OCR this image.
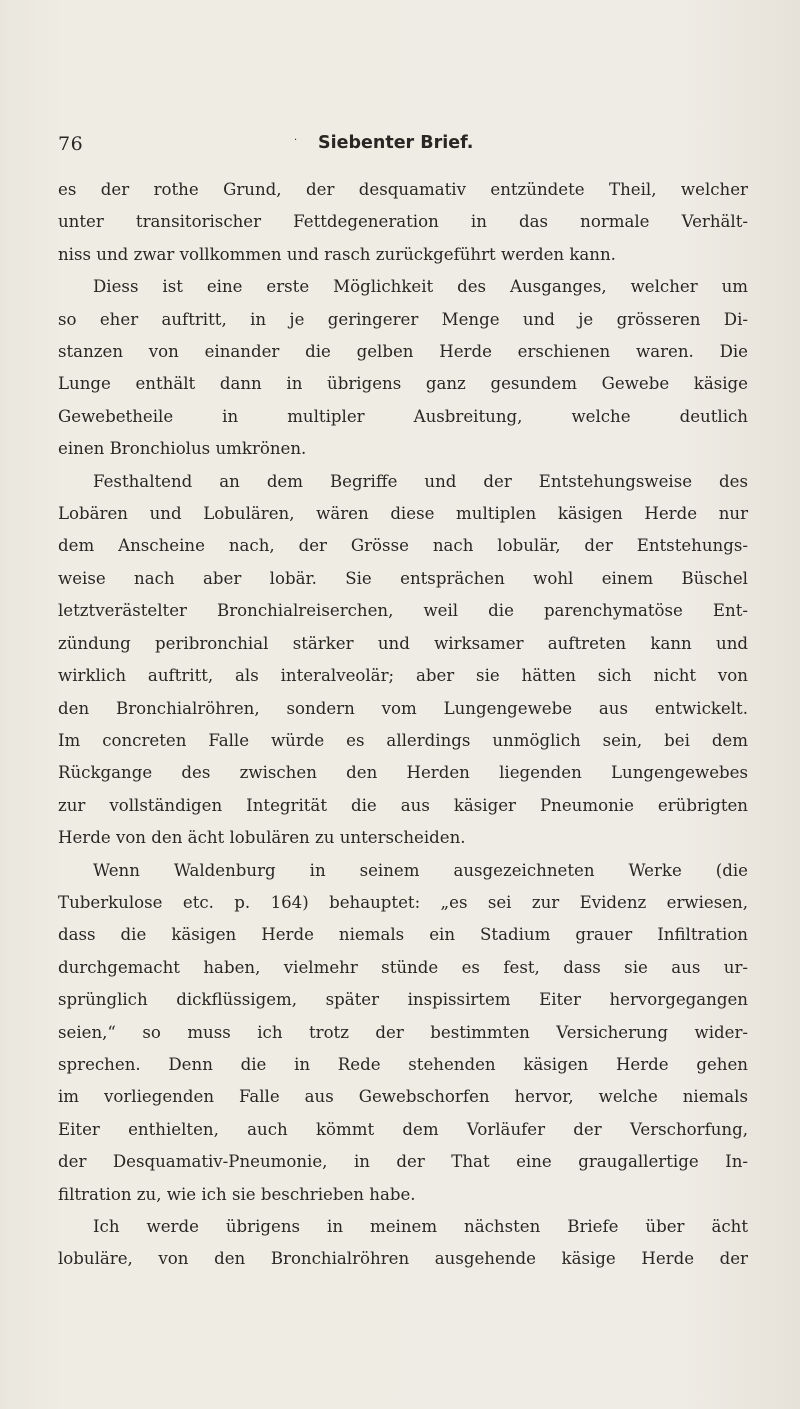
76	· Siebenter Brief.
es der rothe Grund, der desquamativ entzündete Theil, welcher
unter transitorischer Fettdegeneration in das normale Verhält-
niss und zwar vollkommen und rasch zurückgeführt werden kann.
Diess ist eine erste Möglichkeit des Ausganges, welcher um
so eher auftritt, in je geringerer Menge und je grösseren Di-
stanzen von einander die gelben Herde erschienen waren. Die
Lunge enthält dann in übrigens ganz gesundem Gewebe käsige
Gewebetheile in multipler Ausbreitung, welche deutlich
einen Bronchiolus umkrönen.
Festhaltend an dem Begriffe und der Entstehungsweise des
Lobären und Lobulären, wären diese multiplen käsigen Herde nur
dem Anscheine nach, der Grösse nach lobulär, der Entstehungs-
weise nach aber lobär. Sie entsprächen wohl einem Büschel
letztverästelter Bronchialreiserchen, weil die parenchymatöse Ent-
zündung peribronchial stärker und wirksamer auftreten kann und
wirklich auftritt, als interalveolär; aber sie hätten sich nicht von
den Bronchialröhren, sondern vom Lungengewebe aus entwickelt.
Im concreten Falle würde es allerdings unmöglich sein, bei dem
Rückgange des zwischen den Herden liegenden Lungengewebes
zur vollständigen Integrität die aus käsiger Pneumonie erübrigten
Herde von den ächt lobulären zu unterscheiden.
Wenn Waldenburg in seinem ausgezeichneten Werke (die
Tuberkulose etc. p. 164) behauptet: „es sei zur Evidenz erwiesen,
dass die käsigen Herde niemals ein Stadium grauer Infiltration
durchgemacht haben, vielmehr stünde es fest, dass sie aus ur-
sprünglich dickflüssigem, später inspissirtem Eiter hervorgegangen
seien,“ so muss ich trotz der bestimmten Versicherung wider-
sprechen. Denn die in Rede stehenden käsigen Herde gehen
im vorliegenden Falle aus Gewebschorfen hervor, welche niemals
Eiter enthielten, auch kömmt dem Vorläufer der Verschorfung,
der Desquamativ-Pneumonie, in der That eine graugallertige In-
filtration zu, wie ich sie beschrieben habe.
Ich werde übrigens in meinem nächsten Briefe über ächt
lobuläre, von den Bronchialröhren ausgehende käsige Herde der
